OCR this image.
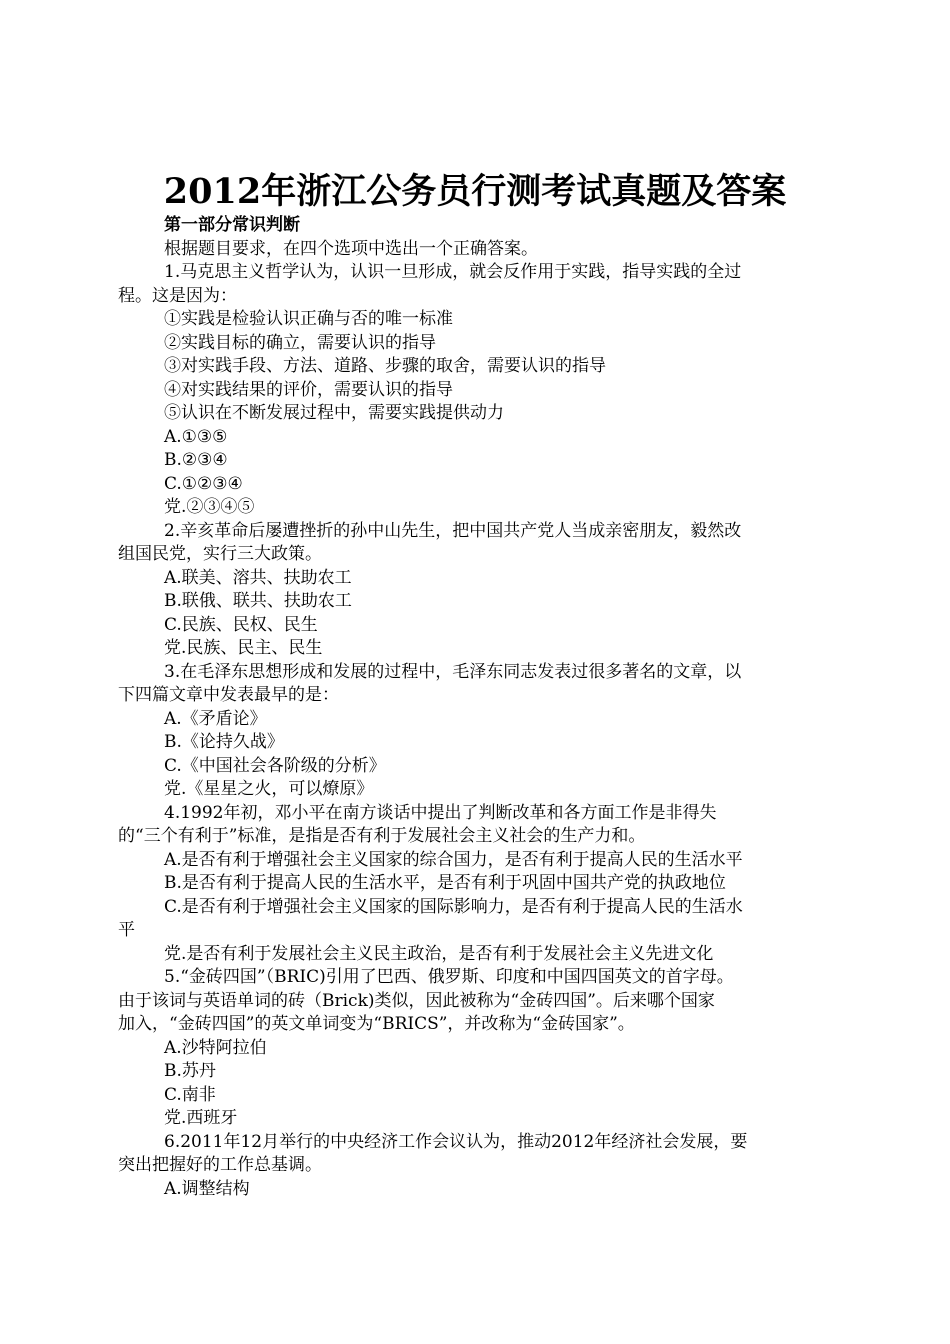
2012年浙江公务员行测考试真题及答案
第一部分常识判断
根据题目要求，在四个选项中选出一个正确答案。
1.马克思主义哲学认为，认识一旦形成，就会反作用于实践，指导实践的全过
程。这是因为：
①实践是检验认识正确与否的唯一标准
②实践目标的确立，需要认识的指导
③对实践手段、方法、道路、步骤的取舍，需要认识的指导
④对实践结果的评价，需要认识的指导
⑤认识在不断发展过程中，需要实践提供动力
A.①③⑤
B.②③④
C.①②③④
党.②③④⑤
2.辛亥革命后屡遭挫折的孙中山先生，把中国共产党人当成亲密朋友，毅然改
组国民党，实行三大政策。
A.联美、溶共、扶助农工
B.联俄、联共、扶助农工
C.民族、民权、民生
党.民族、民主、民生
3.在毛泽东思想形成和发展的过程中，毛泽东同志发表过很多著名的文章，以
下四篇文章中发表最早的是：
A.《矛盾论》
B.《论持久战》
C.《中国社会各阶级的分析》
党.《星星之火，可以燎原》
4.1992年初，邓小平在南方谈话中提出了判断改革和各方面工作是非得失
的“三个有利于”标准，是指是否有利于发展社会主义社会的生产力和。
A.是否有利于增强社会主义国家的综合国力，是否有利于提高人民的生活水平
B.是否有利于提高人民的生活水平，是否有利于巩固中国共产党的执政地位
C.是否有利于增强社会主义国家的国际影响力，是否有利于提高人民的生活水
平
党.是否有利于发展社会主义民主政治，是否有利于发展社会主义先进文化
5.“金砖四国”（BRIC)引用了巴西、俄罗斯、印度和中国四国英文的首字母。
由于该词与英语单词的砖（Brick)类似，因此被称为“金砖四国”。后来哪个国家
加入，“金砖四国”的英文单词变为“BRICS”，并改称为“金砖国家”。
A.沙特阿拉伯
B.苏丹
C.南非
党.西班牙
6.2011年12月举行的中央经济工作会议认为，推动2012年经济社会发展，要
突出把握好的工作总基调。
A.调整结构
